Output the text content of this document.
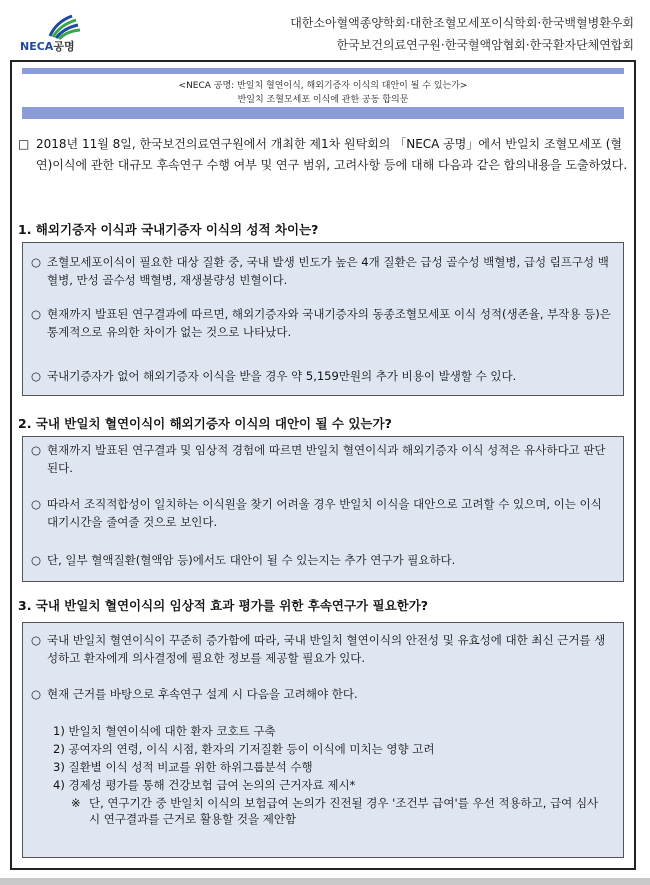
NECA공명
대한소아혈액종양학회·대한조혈모세포이식학회·한국백혈병환우회
한국보건의료연구원·한국혈액암협회·한국환자단체연합회
<NECA 공명: 반일치 혈연이식, 해외기증자 이식의 대안이 될 수 있는가>
반일치 조혈모세포 이식에 관한 공동 합의문
□ 2018년 11월 8일, 한국보건의료연구원에서 개최한 제1차 원탁회의 「NECA 공명」에서 반일치 조혈모세포 (혈연)이식에 관한 대규모 후속연구 수행 여부 및 연구 범위, 고려사항 등에 대해 다음과 같은 합의내용을 도출하였다.
1. 해외기증자 이식과 국내기증자 이식의 성적 차이는?
○ 조혈모세포이식이 필요한 대상 질환 중, 국내 발생 빈도가 높은 4개 질환은 급성 골수성 백혈병, 급성 림프구성 백혈병, 만성 골수성 백혈병, 재생불량성 빈혈이다.
○ 현재까지 발표된 연구결과에 따르면, 해외기증자와 국내기증자의 동종조혈모세포 이식 성적(생존율, 부작용 등)은 통계적으로 유의한 차이가 없는 것으로 나타났다.
○ 국내기증자가 없어 해외기증자 이식을 받을 경우 약 5,159만원의 추가 비용이 발생할 수 있다.
2. 국내 반일치 혈연이식이 해외기증자 이식의 대안이 될 수 있는가?
○ 현재까지 발표된 연구결과 및 임상적 경험에 따르면 반일치 혈연이식과 해외기증자 이식 성적은 유사하다고 판단된다.
○ 따라서 조직적합성이 일치하는 이식원을 찾기 어려울 경우 반일치 이식을 대안으로 고려할 수 있으며, 이는 이식 대기시간을 줄여줄 것으로 보인다.
○ 단, 일부 혈액질환(혈액암 등)에서도 대안이 될 수 있는지는 추가 연구가 필요하다.
3. 국내 반일치 혈연이식의 임상적 효과 평가를 위한 후속연구가 필요한가?
○ 국내 반일치 혈연이식이 꾸준히 증가함에 따라, 국내 반일치 혈연이식의 안전성 및 유효성에 대한 최신 근거를 생성하고 환자에게 의사결정에 필요한 정보를 제공할 필요가 있다.
○ 현재 근거를 바탕으로 후속연구 설계 시 다음을 고려해야 한다.
1) 반일치 혈연이식에 대한 환자 코호트 구축
2) 공여자의 연령, 이식 시점, 환자의 기저질환 등이 이식에 미치는 영향 고려
3) 질환별 이식 성적 비교를 위한 하위그룹분석 수행
4) 경제성 평가를 통해 건강보험 급여 논의의 근거자료 제시*
※ 단, 연구기간 중 반일치 이식의 보험급여 논의가 진전될 경우 '조건부 급여'를 우선 적용하고, 급여 심사 시 연구결과를 근거로 활용할 것을 제안함
